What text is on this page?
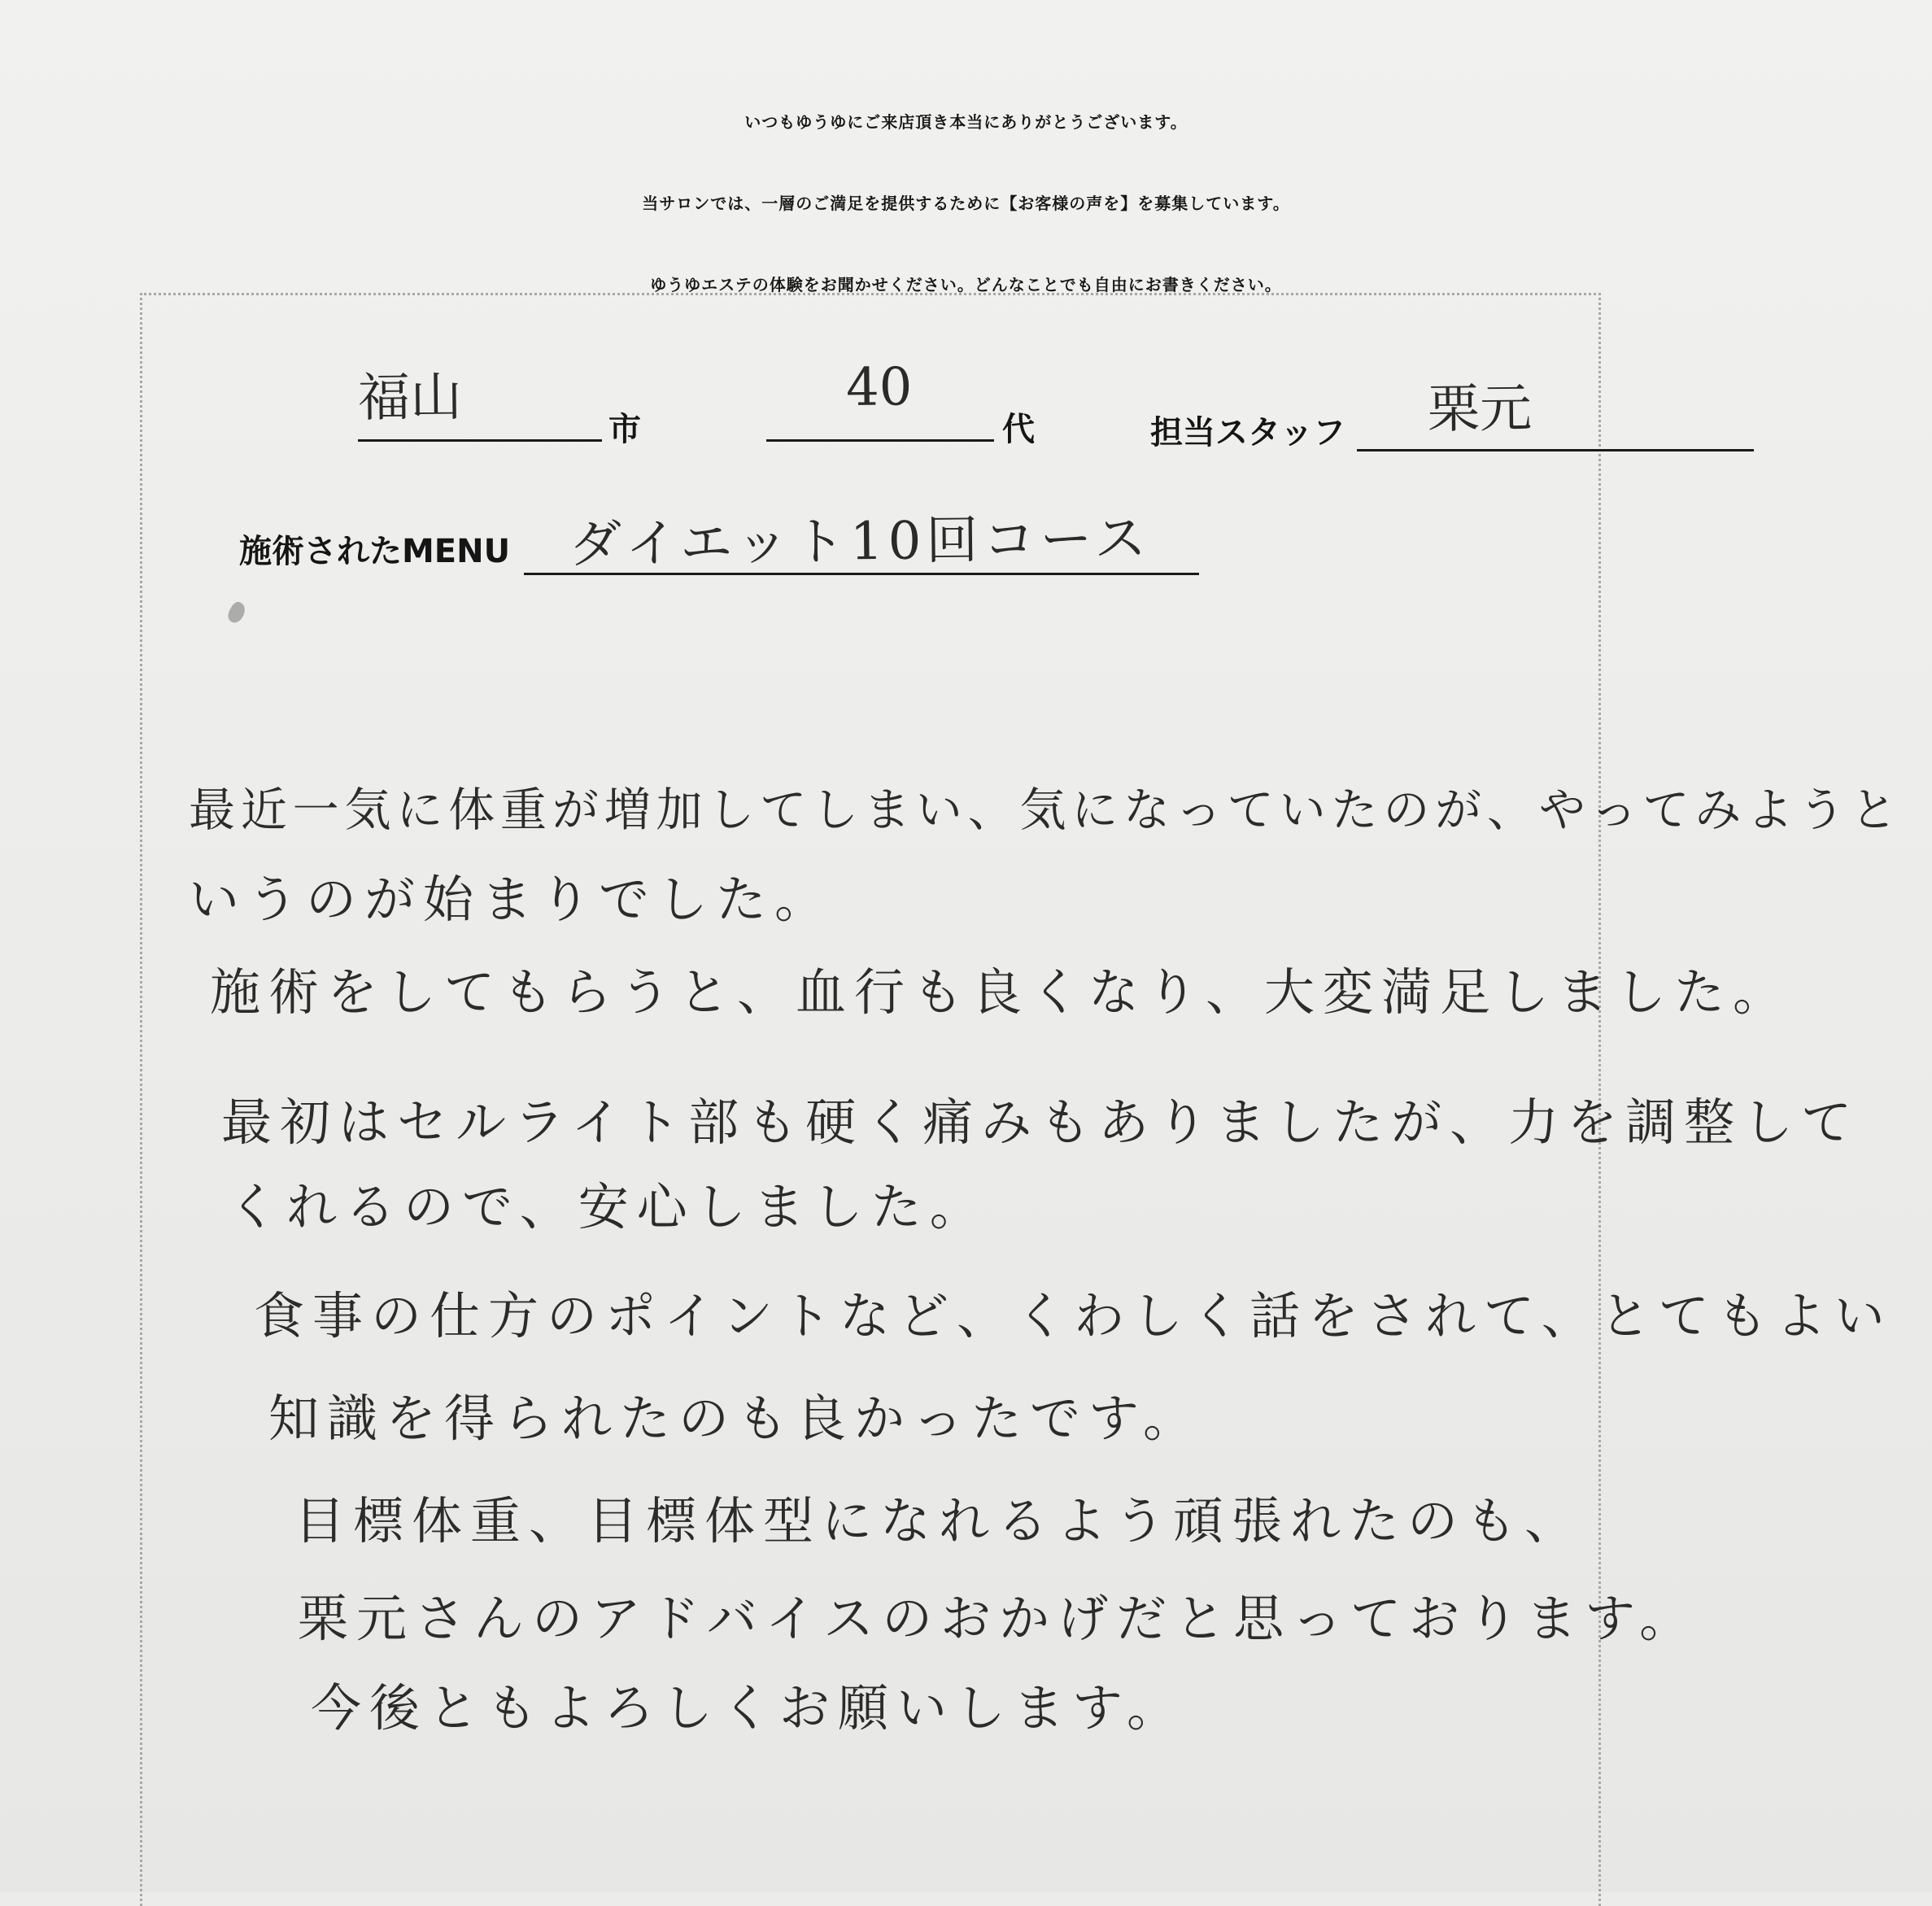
いつもゆうゆにご来店頂き本当にありがとうございます。
当サロンでは、一層のご満足を提供するために【お客様の声を】を募集しています。
ゆうゆエステの体験をお聞かせください。どんなことでも自由にお書きください。
福山
市
40
代	担当スタッフ 栗元
施術されたMENU ダイエット10回コース
最近一気に体重が増加してしまい、気になっていたのが、やってみようと
いうのが始まりでした。
施術をしてもらうと、血行も良くなり、大変満足しました。
最初はセルライト部も硬く痛みもありましたが、力を調整して
くれるので、安心しました。
食事の仕方のポイントなど、くわしく話をされて、とてもよい
知識を得られたのも良かったです。
目標体重、目標体型になれるよう頑張れたのも、
栗元さんのアドバイスのおかげだと思っております。
今後ともよろしくお願いします。
